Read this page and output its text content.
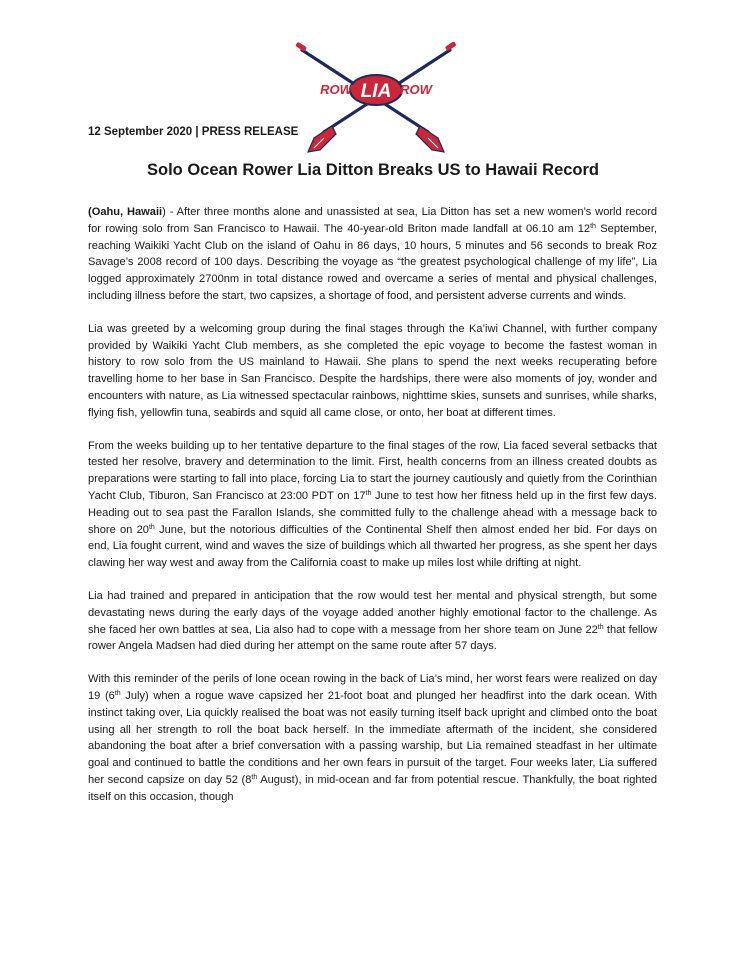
LIA
ROW	ROW
12 September 2020 | PRESS RELEASE
Solo Ocean Rower Lia Ditton Breaks US to Hawaii Record

(Oahu, Hawaii) - After three months alone and unassisted at sea, Lia Ditton has set a new women’s world record for rowing solo from San Francisco to Hawaii. The 40-year-old Briton made landfall at 06.10 am 12th September, reaching Waikiki Yacht Club on the island of Oahu in 86 days, 10 hours, 5 minutes and 56 seconds to break Roz Savage’s 2008 record of 100 days. Describing the voyage as “the greatest psychological challenge of my life”, Lia logged approximately 2700nm in total distance rowed and overcame a series of mental and physical challenges, including illness before the start, two capsizes, a shortage of food, and persistent adverse currents and winds.

Lia was greeted by a welcoming group during the final stages through the Ka’iwi Channel, with further company provided by Waikiki Yacht Club members, as she completed the epic voyage to become the fastest woman in history to row solo from the US mainland to Hawaii. She plans to spend the next weeks recuperating before travelling home to her base in San Francisco. Despite the hardships, there were also moments of joy, wonder and encounters with nature, as Lia witnessed spectacular rainbows, nighttime skies, sunsets and sunrises, while sharks, flying fish, yellowfin tuna, seabirds and squid all came close, or onto, her boat at different times.

From the weeks building up to her tentative departure to the final stages of the row, Lia faced several setbacks that tested her resolve, bravery and determination to the limit. First, health concerns from an illness created doubts as preparations were starting to fall into place, forcing Lia to start the journey cautiously and quietly from the Corinthian Yacht Club, Tiburon, San Francisco at 23:00 PDT on 17th June to test how her fitness held up in the first few days. Heading out to sea past the Farallon Islands, she committed fully to the challenge ahead with a message back to shore on 20th June, but the notorious difficulties of the Continental Shelf then almost ended her bid. For days on end, Lia fought current, wind and waves the size of buildings which all thwarted her progress, as she spent her days clawing her way west and away from the California coast to make up miles lost while drifting at night.

Lia had trained and prepared in anticipation that the row would test her mental and physical strength, but some devastating news during the early days of the voyage added another highly emotional factor to the challenge. As she faced her own battles at sea, Lia also had to cope with a message from her shore team on June 22th that fellow rower Angela Madsen had died during her attempt on the same route after 57 days.

With this reminder of the perils of lone ocean rowing in the back of Lia’s mind, her worst fears were realized on day 19 (6th July) when a rogue wave capsized her 21-foot boat and plunged her headfirst into the dark ocean. With instinct taking over, Lia quickly realised the boat was not easily turning itself back upright and climbed onto the boat using all her strength to roll the boat back herself. In the immediate aftermath of the incident, she considered abandoning the boat after a brief conversation with a passing warship, but Lia remained steadfast in her ultimate goal and continued to battle the conditions and her own fears in pursuit of the target. Four weeks later, Lia suffered her second capsize on day 52 (8th August), in mid-ocean and far from potential rescue. Thankfully, the boat righted itself on this occasion, though
